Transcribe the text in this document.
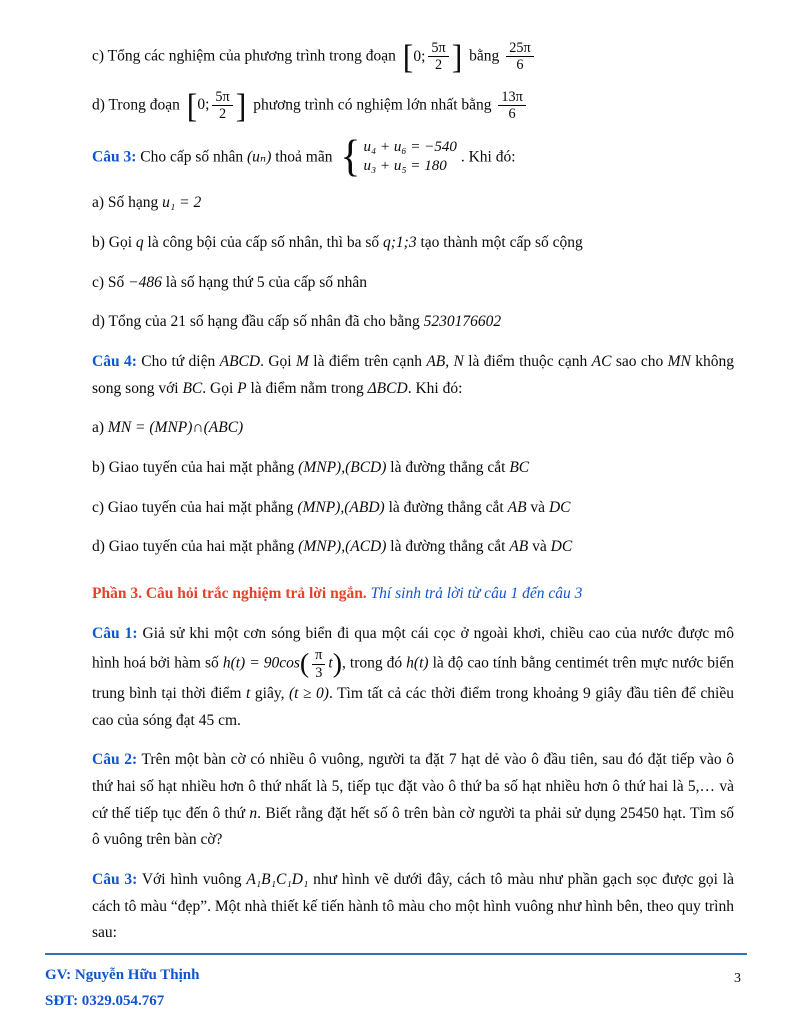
c) Tổng các nghiệm của phương trình trong đoạn [ 0; $\frac{5\pi}{2}$ ] bằng $\frac{25\pi}{6}$

d) Trong đoạn [ 0; $\frac{5\pi}{2}$ ] phương trình có nghiệm lớn nhất bằng $\frac{13\pi}{6}$

Câu 3: Cho cấp số nhân (uₙ) thoả mãn { u₄ + u₆ = −540
u₃ + u₅ = 180
. Khi đó:

a) Số hạng u₁ = 2

b) Gọi q là công bội của cấp số nhân, thì ba số q;1;3 tạo thành một cấp số cộng

c) Số −486 là số hạng thứ 5 của cấp số nhân

d) Tổng của 21 số hạng đầu cấp số nhân đã cho bằng 5230176602

Câu 4: Cho tứ diện ABCD. Gọi M là điểm trên cạnh AB, N là điểm thuộc cạnh AC sao cho MN không song song với BC. Gọi P là điểm nằm trong ΔBCD. Khi đó:

a) MN = (MNP)∩(ABC)

b) Giao tuyến của hai mặt phẳng (MNP),(BCD) là đường thẳng cắt BC

c) Giao tuyến của hai mặt phẳng (MNP),(ABD) là đường thẳng cắt AB và DC

d) Giao tuyến của hai mặt phẳng (MNP),(ACD) là đường thẳng cắt AB và DC

Phần 3. Câu hỏi trắc nghiệm trả lời ngắn. Thí sinh trả lời từ câu 1 đến câu 3

Câu 1: Giả sử khi một cơn sóng biển đi qua một cái cọc ở ngoài khơi, chiều cao của nước được mô hình hoá bởi hàm số $h(t) = 90\cos( \frac{\pi}{3} t)$, trong đó h(t) là độ cao tính bằng centimét trên mực nước biển trung bình tại thời điểm t giây, (t ≥ 0). Tìm tất cả các thời điểm trong khoảng 9 giây đầu tiên để chiều cao của sóng đạt 45 cm.

Câu 2: Trên một bàn cờ có nhiều ô vuông, người ta đặt 7 hạt dẻ vào ô đầu tiên, sau đó đặt tiếp vào ô thứ hai số hạt nhiều hơn ô thứ nhất là 5, tiếp tục đặt vào ô thứ ba số hạt nhiều hơn ô thứ hai là 5,… và cứ thế tiếp tục đến ô thứ n. Biết rằng đặt hết số ô trên bàn cờ người ta phải sử dụng 25450 hạt. Tìm số ô vuông trên bàn cờ?

Câu 3: Với hình vuông A₁B₁C₁D₁ như hình vẽ dưới đây, cách tô màu như phần gạch sọc được gọi là cách tô màu “đẹp”. Một nhà thiết kế tiến hành tô màu cho một hình vuông như hình bên, theo quy trình sau:

GV: Nguyễn Hữu Thịnh
SĐT: 0329.054.767
3
